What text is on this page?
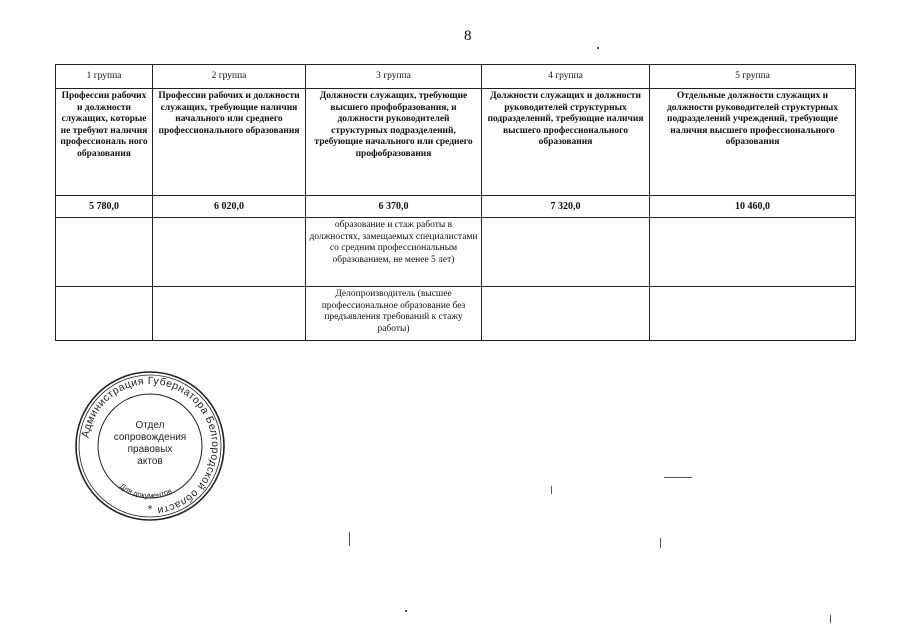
8
1 группа	2 группа	3 группа	4 группа	5 группа
Профессии рабочих и должности служащих, которые не требуют наличия профессиональ ного образования	Профессии рабочих и должности служащих, требующие наличия начального или среднего профессионального образования	Должности служащих, требующие высшего профобразования, и должности руководителей структурных подразделений, требующие начального или среднего профобразования	Должности служащих и должности руководителей структурных подразделений, требующие наличия высшего профессионального образования	Отдельные должности служащих и должности руководителей структурных подразделений учреждений, требующие наличия высшего профессионального образования
5 780,0	6 020,0	6 370,0	7 320,0	10 460,0
		образование и стаж работы в должностях, замещаемых специалистами со средним профессиональным образованием, не менее 5 лет)		
		Делопроизводитель (высшее профессиональное образование без предъявления требований к стажу работы)		
Администрация Губернатора Белгородской области
Для документов
*
Отдел
сопровождения
правовых
актов
